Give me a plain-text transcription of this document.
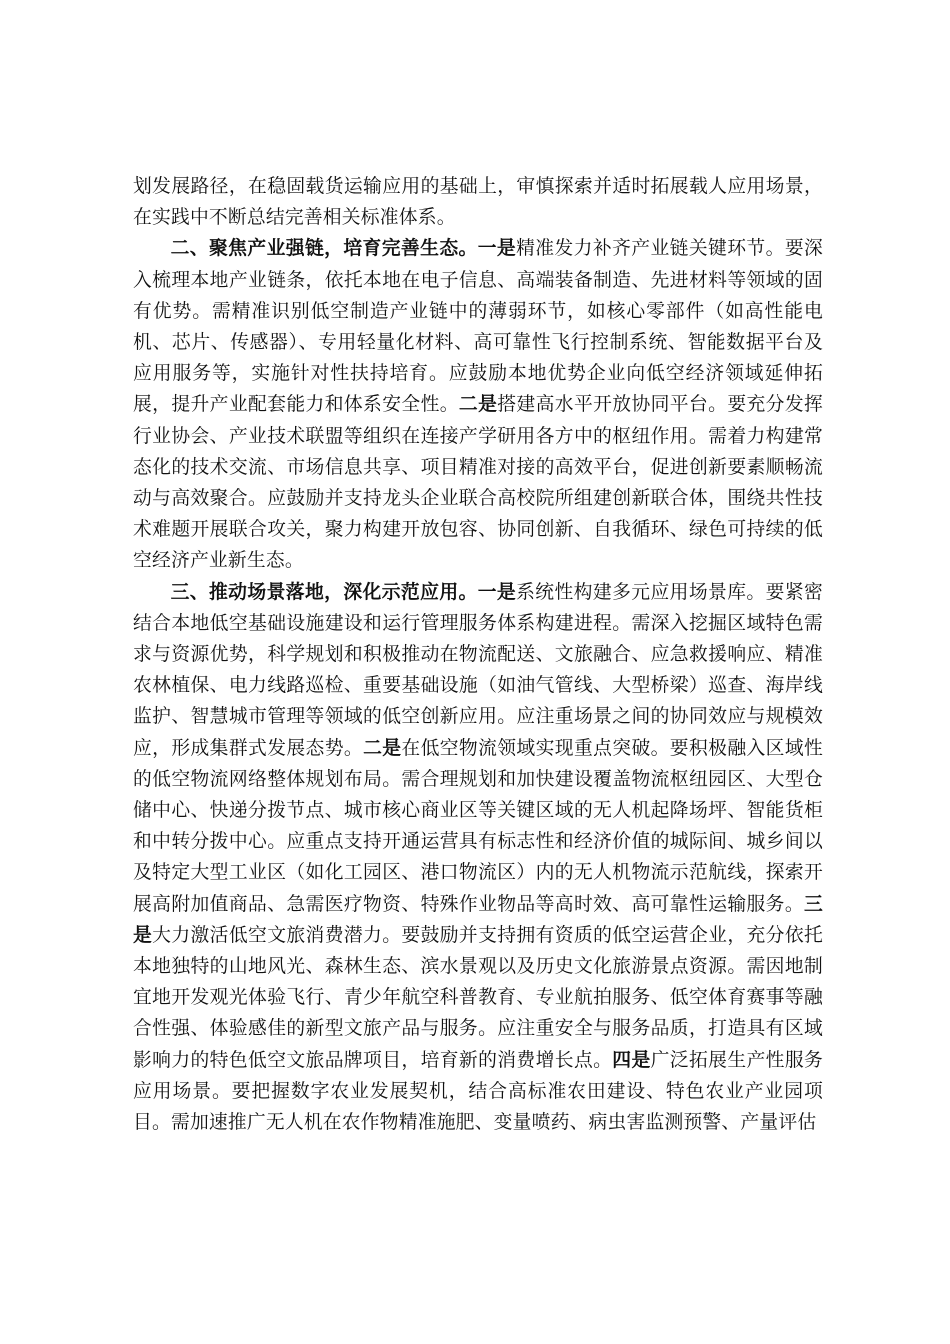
划发展路径，在稳固载货运输应用的基础上，审慎探索并适时拓展载人应用场景，在实践中不断总结完善相关标准体系。

二、聚焦产业强链，培育完善生态。一是精准发力补齐产业链关键环节。要深入梳理本地产业链条，依托本地在电子信息、高端装备制造、先进材料等领域的固有优势。需精准识别低空制造产业链中的薄弱环节，如核心零部件（如高性能电机、芯片、传感器）、专用轻量化材料、高可靠性飞行控制系统、智能数据平台及应用服务等，实施针对性扶持培育。应鼓励本地优势企业向低空经济领域延伸拓展，提升产业配套能力和体系安全性。二是搭建高水平开放协同平台。要充分发挥行业协会、产业技术联盟等组织在连接产学研用各方中的枢纽作用。需着力构建常态化的技术交流、市场信息共享、项目精准对接的高效平台，促进创新要素顺畅流动与高效聚合。应鼓励并支持龙头企业联合高校院所组建创新联合体，围绕共性技术难题开展联合攻关，聚力构建开放包容、协同创新、自我循环、绿色可持续的低空经济产业新生态。

三、推动场景落地，深化示范应用。一是系统性构建多元应用场景库。要紧密结合本地低空基础设施建设和运行管理服务体系构建进程。需深入挖掘区域特色需求与资源优势，科学规划和积极推动在物流配送、文旅融合、应急救援响应、精准农林植保、电力线路巡检、重要基础设施（如油气管线、大型桥梁）巡查、海岸线监护、智慧城市管理等领域的低空创新应用。应注重场景之间的协同效应与规模效应，形成集群式发展态势。二是在低空物流领域实现重点突破。要积极融入区域性的低空物流网络整体规划布局。需合理规划和加快建设覆盖物流枢纽园区、大型仓储中心、快递分拨节点、城市核心商业区等关键区域的无人机起降场坪、智能货柜和中转分拨中心。应重点支持开通运营具有标志性和经济价值的城际间、城乡间以及特定大型工业区（如化工园区、港口物流区）内的无人机物流示范航线，探索开展高附加值商品、急需医疗物资、特殊作业物品等高时效、高可靠性运输服务。三是大力激活低空文旅消费潜力。要鼓励并支持拥有资质的低空运营企业，充分依托本地独特的山地风光、森林生态、滨水景观以及历史文化旅游景点资源。需因地制宜地开发观光体验飞行、青少年航空科普教育、专业航拍服务、低空体育赛事等融合性强、体验感佳的新型文旅产品与服务。应注重安全与服务品质，打造具有区域影响力的特色低空文旅品牌项目，培育新的消费增长点。四是广泛拓展生产性服务应用场景。要把握数字农业发展契机，结合高标准农田建设、特色农业产业园项目。需加速推广无人机在农作物精准施肥、变量喷药、病虫害监测预警、产量评估
